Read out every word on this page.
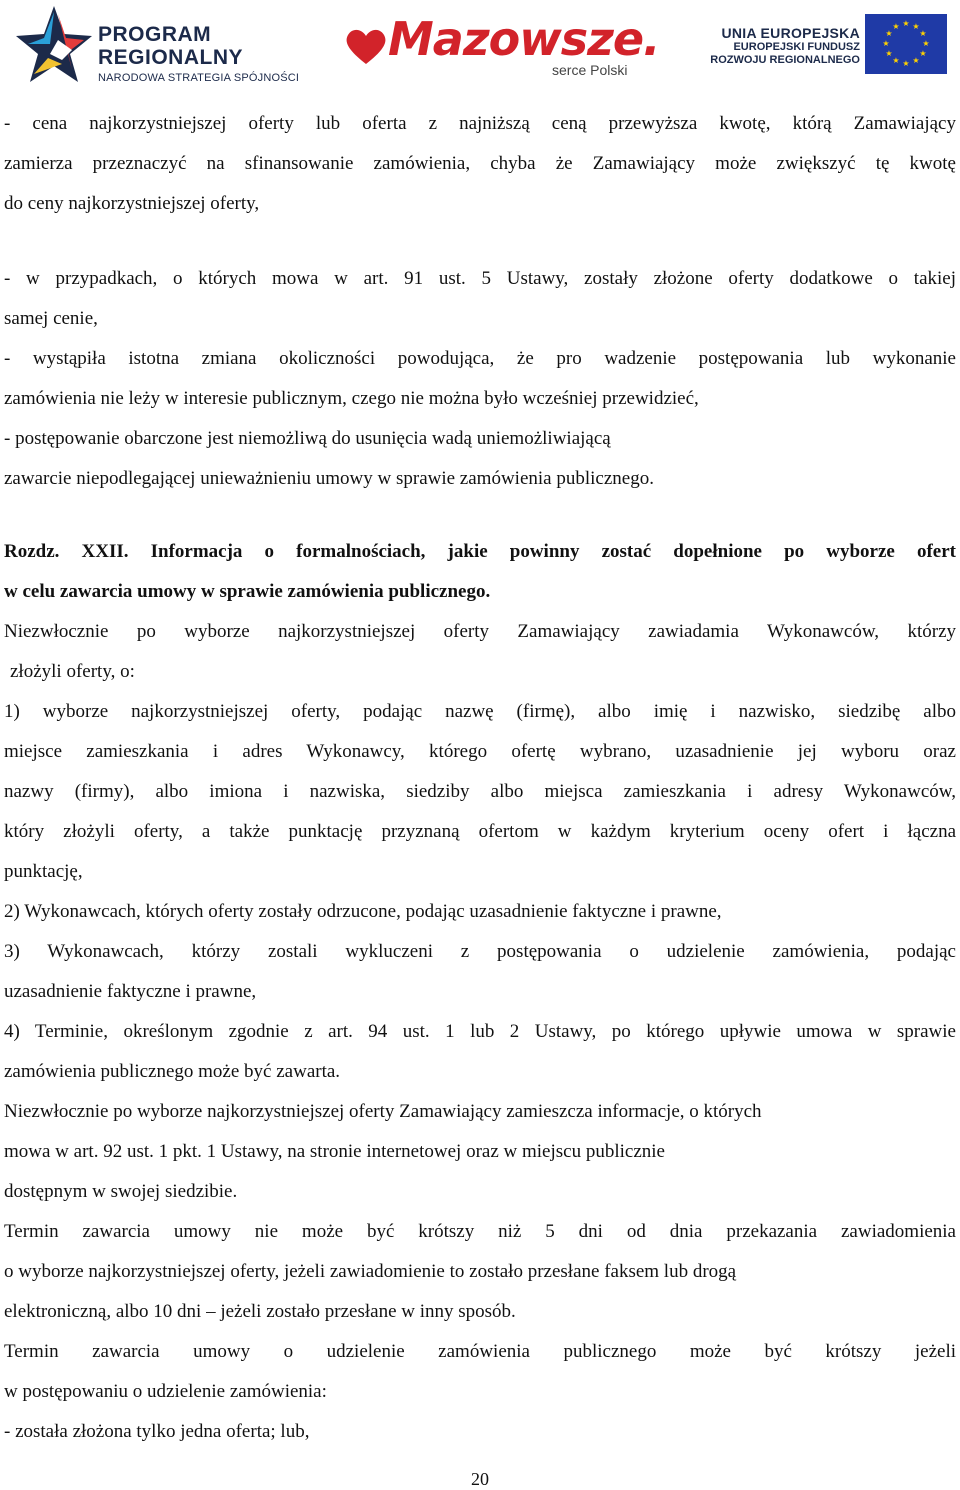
PROGRAM
REGIONALNY
NARODOWA STRATEGIA SPÓJNOŚCI
Mazowsze.
serce Polski
UNIA EUROPEJSKA
EUROPEJSKI FUNDUSZ
ROZWOJU REGIONALNEGO
★ ★
★
★
★
★
★
★
★
★
★
★
- cena najkorzystniejszej oferty lub oferta z najniższą ceną przewyższa kwotę, którą Zamawiający
zamierza przeznaczyć na sfinansowanie zamówienia, chyba że Zamawiający może zwiększyć tę kwotę
do ceny najkorzystniejszej oferty,
- w przypadkach, o których mowa w art. 91 ust. 5 Ustawy, zostały złożone oferty dodatkowe o takiej
samej cenie,
- wystąpiła istotna zmiana okoliczności powodująca, że pro wadzenie postępowania lub wykonanie
zamówienia nie leży w interesie publicznym, czego nie można było wcześniej przewidzieć,
- postępowanie obarczone jest niemożliwą do usunięcia wadą uniemożliwiającą
zawarcie niepodlegającej unieważnieniu umowy w sprawie zamówienia publicznego.
Rozdz. XXII. Informacja o formalnościach, jakie powinny zostać dopełnione po wyborze ofert
w celu zawarcia umowy w sprawie zamówienia publicznego.
Niezwłocznie po wyborze najkorzystniejszej oferty Zamawiający zawiadamia Wykonawców, którzy
złożyli oferty, o:
1) wyborze najkorzystniejszej oferty, podając nazwę (firmę), albo imię i nazwisko, siedzibę albo
miejsce zamieszkania i adres Wykonawcy, którego ofertę wybrano, uzasadnienie jej wyboru oraz
nazwy (firmy), albo imiona i nazwiska, siedziby albo miejsca zamieszkania i adresy Wykonawców,
który złożyli oferty, a także punktację przyznaną ofertom w każdym kryterium oceny ofert i łączna
punktację,
2) Wykonawcach, których oferty zostały odrzucone, podając uzasadnienie faktyczne i prawne,
3) Wykonawcach, którzy zostali wykluczeni z postępowania o udzielenie zamówienia, podając
uzasadnienie faktyczne i prawne,
4) Terminie, określonym zgodnie z art. 94 ust. 1 lub 2 Ustawy, po którego upływie umowa w sprawie
zamówienia publicznego może być zawarta.
Niezwłocznie po wyborze najkorzystniejszej oferty Zamawiający zamieszcza informacje, o których
mowa w art. 92 ust. 1 pkt. 1 Ustawy, na stronie internetowej oraz w miejscu publicznie
dostępnym w swojej siedzibie.
Termin zawarcia umowy nie może być krótszy niż 5 dni od dnia przekazania zawiadomienia
o wyborze najkorzystniejszej oferty, jeżeli zawiadomienie to zostało przesłane faksem lub drogą
elektroniczną, albo 10 dni – jeżeli zostało przesłane w inny sposób.
Termin zawarcia umowy o udzielenie zamówienia publicznego może być krótszy jeżeli
w postępowaniu o udzielenie zamówienia:
- została złożona tylko jedna oferta; lub,
20
